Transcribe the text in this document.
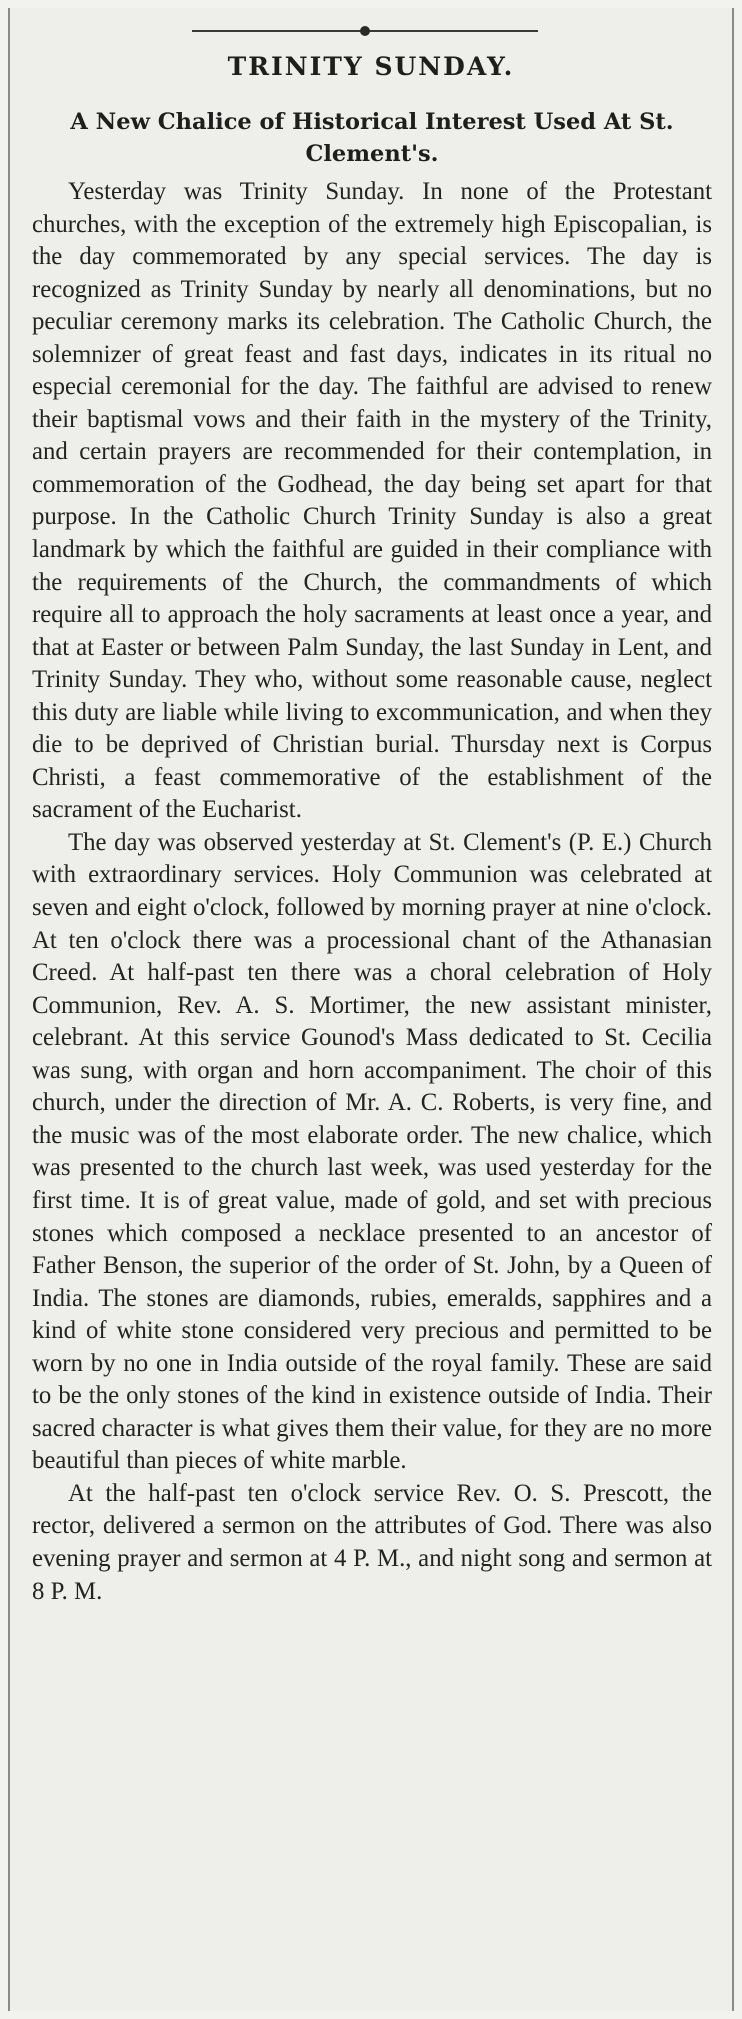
TRINITY SUNDAY.
A New Chalice of Historical Interest Used At St. Clement's.

Yesterday was Trinity Sunday. In none of the Protestant churches, with the exception of the extremely high Episcopalian, is the day commemorated by any special services. The day is recognized as Trinity Sunday by nearly all denominations, but no peculiar ceremony marks its celebration. The Catholic Church, the solemnizer of great feast and fast days, indicates in its ritual no especial ceremonial for the day. The faithful are advised to renew their baptismal vows and their faith in the mystery of the Trinity, and certain prayers are recommended for their contemplation, in commemoration of the Godhead, the day being set apart for that purpose. In the Catholic Church Trinity Sunday is also a great landmark by which the faithful are guided in their compliance with the requirements of the Church, the commandments of which require all to approach the holy sacraments at least once a year, and that at Easter or between Palm Sunday, the last Sunday in Lent, and Trinity Sunday. They who, without some reasonable cause, neglect this duty are liable while living to excommunication, and when they die to be deprived of Christian burial. Thursday next is Corpus Christi, a feast commemorative of the establishment of the sacrament of the Eucharist.

The day was observed yesterday at St. Clement's (P. E.) Church with extraordinary services. Holy Communion was celebrated at seven and eight o'clock, followed by morning prayer at nine o'clock. At ten o'clock there was a processional chant of the Athanasian Creed. At half-past ten there was a choral celebration of Holy Communion, Rev. A. S. Mortimer, the new assistant minister, celebrant. At this service Gounod's Mass dedicated to St. Cecilia was sung, with organ and horn accompaniment. The choir of this church, under the direction of Mr. A. C. Roberts, is very fine, and the music was of the most elaborate order. The new chalice, which was presented to the church last week, was used yesterday for the first time. It is of great value, made of gold, and set with precious stones which composed a necklace presented to an ancestor of Father Benson, the superior of the order of St. John, by a Queen of India. The stones are diamonds, rubies, emeralds, sapphires and a kind of white stone considered very precious and permitted to be worn by no one in India outside of the royal family. These are said to be the only stones of the kind in existence outside of India. Their sacred character is what gives them their value, for they are no more beautiful than pieces of white marble.

At the half-past ten o'clock service Rev. O. S. Prescott, the rector, delivered a sermon on the attributes of God. There was also evening prayer and sermon at 4 P. M., and night song and sermon at 8 P. M.
